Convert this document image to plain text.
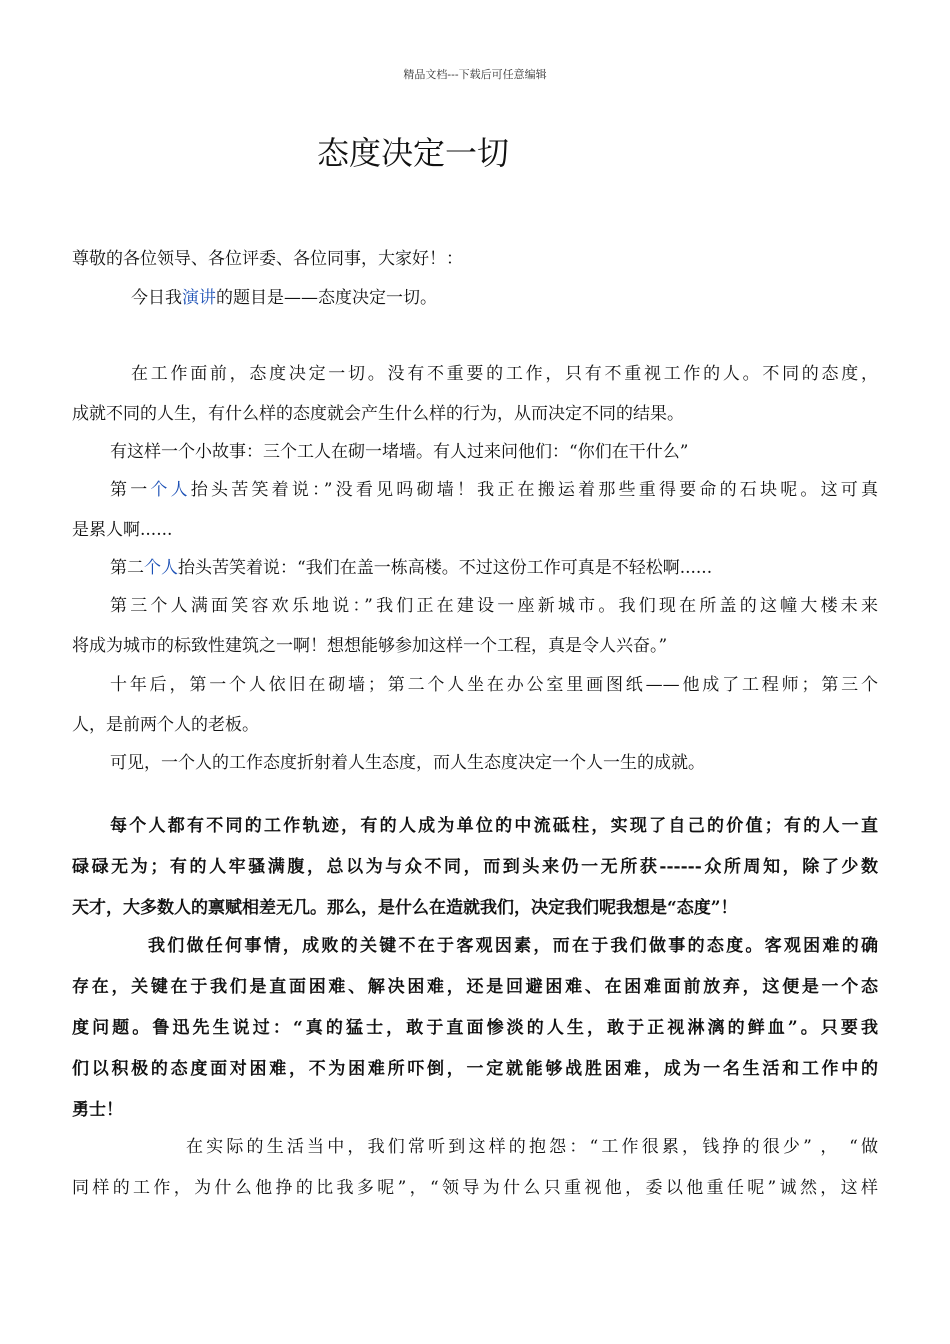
精品文档---下载后可任意编辑
态度决定一切
尊敬的各位领导、各位评委、各位同事，大家好！：
今日我演讲的题目是——态度决定一切。
在工作面前，态度决定一切。没有不重要的工作，只有不重视工作的人。不同的态度，
成就不同的人生，有什么样的态度就会产生什么样的行为，从而决定不同的结果。
有这样一个小故事：三个工人在砌一堵墙。有人过来问他们：“你们在干什么”
第一个人抬头苦笑着说：”没看见吗砌墙！我正在搬运着那些重得要命的石块呢。这可真
是累人啊......
第二个人抬头苦笑着说：“我们在盖一栋高楼。不过这份工作可真是不轻松啊......
第三个人满面笑容欢乐地说：”我们正在建设一座新城市。我们现在所盖的这幢大楼未来
将成为城市的标致性建筑之一啊！想想能够参加这样一个工程，真是令人兴奋。”
十年后，第一个人依旧在砌墙；第二个人坐在办公室里画图纸——他成了工程师；第三个
人，是前两个人的老板。
可见，一个人的工作态度折射着人生态度，而人生态度决定一个人一生的成就。
每个人都有不同的工作轨迹，有的人成为单位的中流砥柱，实现了自己的价值；有的人一直
碌碌无为；有的人牢骚满腹，总以为与众不同，而到头来仍一无所获------众所周知，除了少数
天才，大多数人的禀赋相差无几。那么，是什么在造就我们，决定我们呢我想是“态度”！
我们做任何事情，成败的关键不在于客观因素，而在于我们做事的态度。客观困难的确
存在，关键在于我们是直面困难、解决困难，还是回避困难、在困难面前放弃，这便是一个态
度问题。鲁迅先生说过：“真的猛士，敢于直面惨淡的人生，敢于正视淋漓的鲜血”。只要我
们以积极的态度面对困难，不为困难所吓倒，一定就能够战胜困难，成为一名生活和工作中的
勇士！
在实际的生活当中，我们常听到这样的抱怨：“工作很累，钱挣的很少” ， “做
同样的工作，为什么他挣的比我多呢”，“领导为什么只重视他，委以他重任呢”诚然，这样
